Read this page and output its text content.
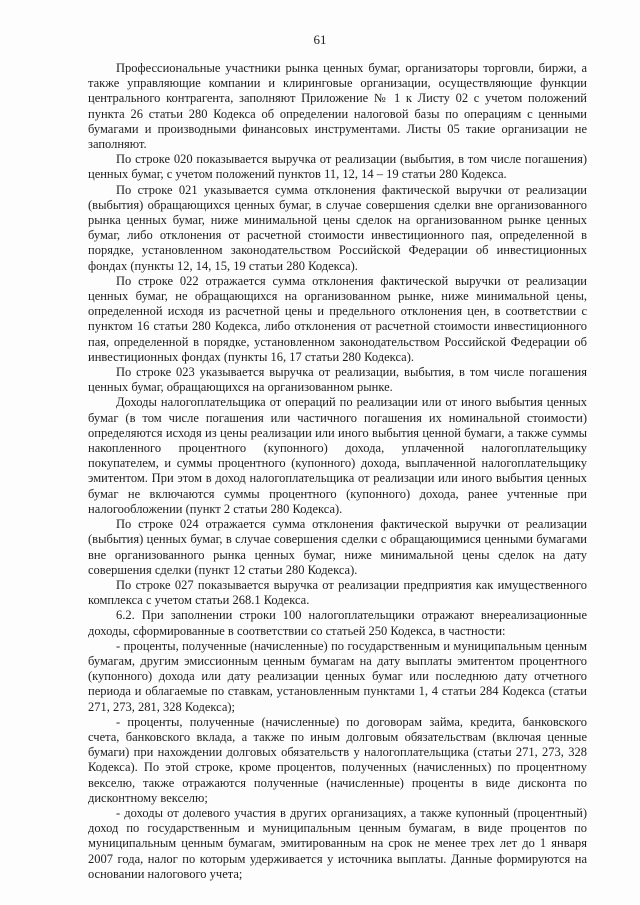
61

Профессиональные участники рынка ценных бумаг, организаторы торговли, биржи, а также управляющие компании и клиринговые организации, осуществляющие функции центрального контрагента, заполняют Приложение № 1 к Листу 02 с учетом положений пункта 26 статьи 280 Кодекса об определении налоговой базы по операциям с ценными бумагами и производными финансовых инструментами. Листы 05 такие организации не заполняют.

По строке 020 показывается выручка от реализации (выбытия, в том числе погашения) ценных бумаг, с учетом положений пунктов 11, 12, 14 – 19 статьи 280 Кодекса.

По строке 021 указывается сумма отклонения фактической выручки от реализации (выбытия) обращающихся ценных бумаг, в случае совершения сделки вне организованного рынка ценных бумаг, ниже минимальной цены сделок на организованном рынке ценных бумаг, либо отклонения от расчетной стоимости инвестиционного пая, определенной в порядке, установленном законодательством Российской Федерации об инвестиционных фондах (пункты 12, 14, 15, 19 статьи 280 Кодекса).

По строке 022 отражается сумма отклонения фактической выручки от реализации ценных бумаг, не обращающихся на организованном рынке, ниже минимальной цены, определенной исходя из расчетной цены и предельного отклонения цен, в соответствии с пунктом 16 статьи 280 Кодекса, либо отклонения от расчетной стоимости инвестиционного пая, определенной в порядке, установленном законодательством Российской Федерации об инвестиционных фондах (пункты 16, 17 статьи 280 Кодекса).

По строке 023 указывается выручка от реализации, выбытия, в том числе погашения ценных бумаг, обращающихся на организованном рынке.

Доходы налогоплательщика от операций по реализации или от иного выбытия ценных бумаг (в том числе погашения или частичного погашения их номинальной стоимости) определяются исходя из цены реализации или иного выбытия ценной бумаги, а также суммы накопленного процентного (купонного) дохода, уплаченной налогоплательщику покупателем, и суммы процентного (купонного) дохода, выплаченной налогоплательщику эмитентом. При этом в доход налогоплательщика от реализации или иного выбытия ценных бумаг не включаются суммы процентного (купонного) дохода, ранее учтенные при налогообложении (пункт 2 статьи 280 Кодекса).

По строке 024 отражается сумма отклонения фактической выручки от реализации (выбытия) ценных бумаг, в случае совершения сделки с обращающимися ценными бумагами вне организованного рынка ценных бумаг, ниже минимальной цены сделок на дату совершения сделки (пункт 12 статьи 280 Кодекса).

По строке 027 показывается выручка от реализации предприятия как имущественного комплекса с учетом статьи 268.1 Кодекса.

6.2. При заполнении строки 100 налогоплательщики отражают внереализационные доходы, сформированные в соответствии со статьей 250 Кодекса, в частности:

- проценты, полученные (начисленные) по государственным и муниципальным ценным бумагам, другим эмиссионным ценным бумагам на дату выплаты эмитентом процентного (купонного) дохода или дату реализации ценных бумаг или последнюю дату отчетного периода и облагаемые по ставкам, установленным пунктами 1, 4 статьи 284 Кодекса (статьи 271, 273, 281, 328 Кодекса);

- проценты, полученные (начисленные) по договорам займа, кредита, банковского счета, банковского вклада, а также по иным долговым обязательствам (включая ценные бумаги) при нахождении долговых обязательств у налогоплательщика (статьи 271, 273, 328 Кодекса). По этой строке, кроме процентов, полученных (начисленных) по процентному векселю, также отражаются полученные (начисленные) проценты в виде дисконта по дисконтному векселю;

- доходы от долевого участия в других организациях, а также купонный (процентный) доход по государственным и муниципальным ценным бумагам, в виде процентов по муниципальным ценным бумагам, эмитированным на срок не менее трех лет до 1 января 2007 года, налог по которым удерживается у источника выплаты. Данные формируются на основании налогового учета;
